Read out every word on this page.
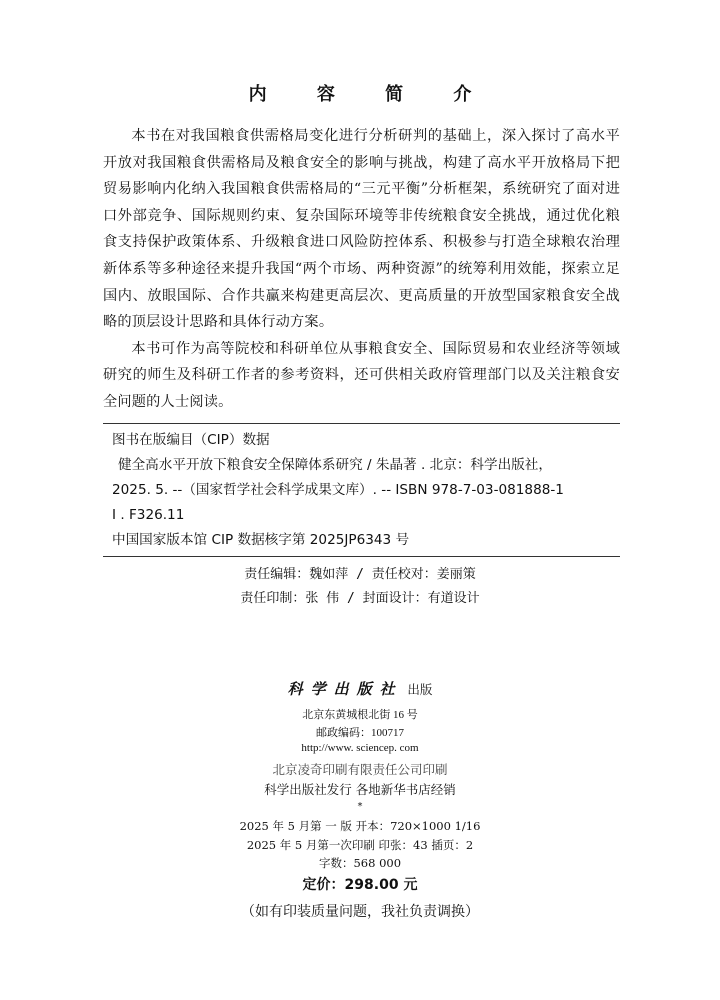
内 容 简 介

本书在对我国粮食供需格局变化进行分析研判的基础上，深入探讨了高水平开放对我国粮食供需格局及粮食安全的影响与挑战，构建了高水平开放格局下把贸易影响内化纳入我国粮食供需格局的“三元平衡”分析框架，系统研究了面对进口外部竞争、国际规则约束、复杂国际环境等非传统粮食安全挑战，通过优化粮食支持保护政策体系、升级粮食进口风险防控体系、积极参与打造全球粮农治理新体系等多种途径来提升我国“两个市场、两种资源”的统筹利用效能，探索立足国内、放眼国际、合作共赢来构建更高层次、更高质量的开放型国家粮食安全战略的顶层设计思路和具体行动方案。

本书可作为高等院校和科研单位从事粮食安全、国际贸易和农业经济等领域研究的师生及科研工作者的参考资料，还可供相关政府管理部门以及关注粮食安全问题的人士阅读。

图书在版编目（CIP）数据
健全高水平开放下粮食安全保障体系研究 / 朱晶著 . 北京：科学出版社，
2025. 5. --（国家哲学社会科学成果文库）. -- ISBN 978-7-03-081888-1
Ⅰ . F326.11
中国国家版本馆 CIP 数据核字第 2025JP6343 号
责任编辑：魏如萍 / 责任校对：姜丽策
责任印制：张 伟 / 封面设计：有道设计
科学出版社 出版
北京东黄城根北街 16 号
邮政编码：100717
http://www. sciencep. com
北京凌奇印刷有限责任公司印刷
科学出版社发行 各地新华书店经销
*
2025 年 5 月第 一 版 开本：720×1000 1/16
2025 年 5 月第一次印刷 印张：43 插页：2
字数：568 000
定价：298.00 元
（如有印装质量问题，我社负责调换）
